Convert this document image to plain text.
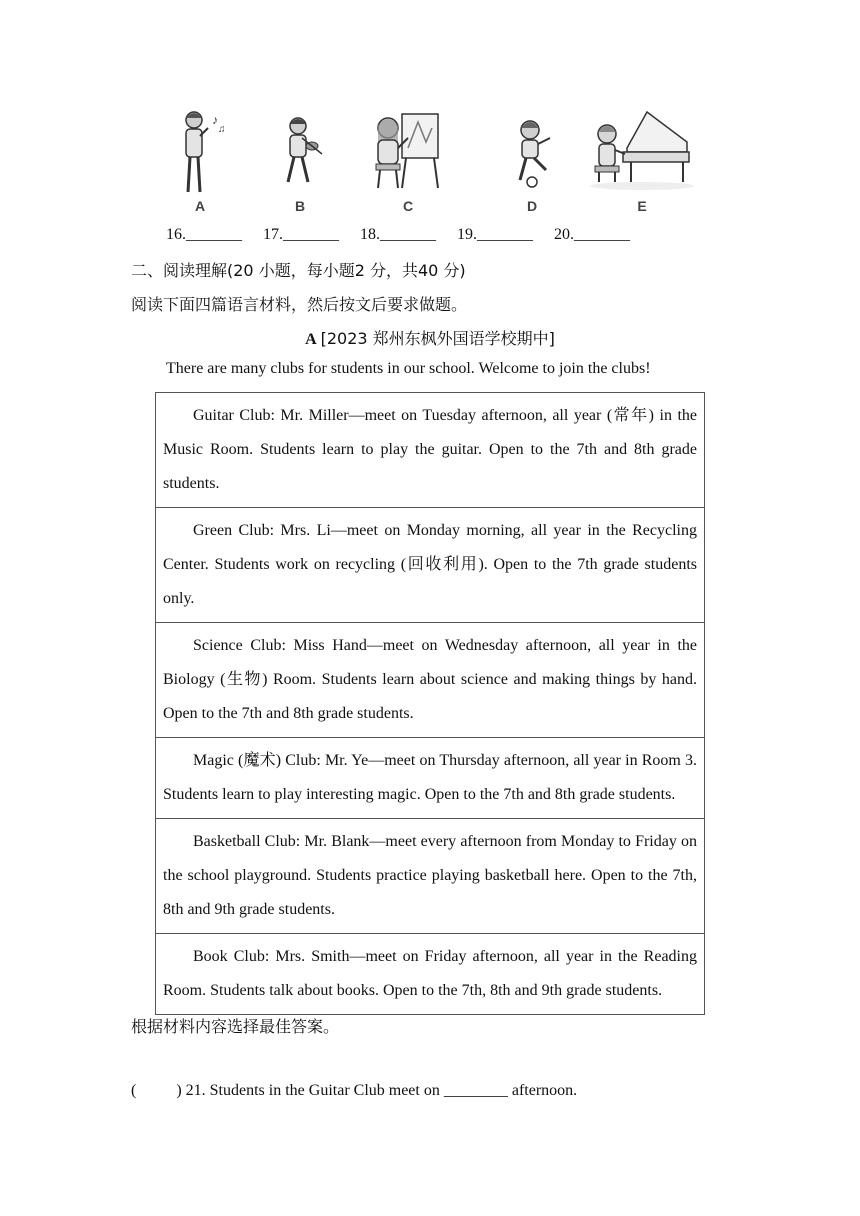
♪
♫
A	B	C	D	E
16._______ 17._______ 18._______ 19._______ 20._______
二、阅读理解(20 小题，每小题2 分，共40 分)
阅读下面四篇语言材料，然后按文后要求做题。
A [2023 郑州东枫外国语学校期中]
There are many clubs for students in our school. Welcome to join the clubs!
Guitar Club: Mr. Miller—meet on Tuesday afternoon, all year (常年) in the Music Room. Students learn to play the guitar. Open to the 7th and 8th grade students.
Green Club: Mrs. Li—meet on Monday morning, all year in the Recycling Center. Students work on recycling (回收利用). Open to the 7th grade students only.
Science Club: Miss Hand—meet on Wednesday afternoon, all year in the Biology (生物) Room. Students learn about science and making things by hand. Open to the 7th and 8th grade students.
Magic (魔术) Club: Mr. Ye—meet on Thursday afternoon, all year in Room 3. Students learn to play interesting magic. Open to the 7th and 8th grade students.
Basketball Club: Mr. Blank—meet every afternoon from Monday to Friday on the school playground. Students practice playing basketball here. Open to the 7th, 8th and 9th grade students.
Book Club: Mrs. Smith—meet on Friday afternoon, all year in the Reading Room. Students talk about books. Open to the 7th, 8th and 9th grade students.
根据材料内容选择最佳答案。
(          ) 21. Students in the Guitar Club meet on ________ afternoon.
